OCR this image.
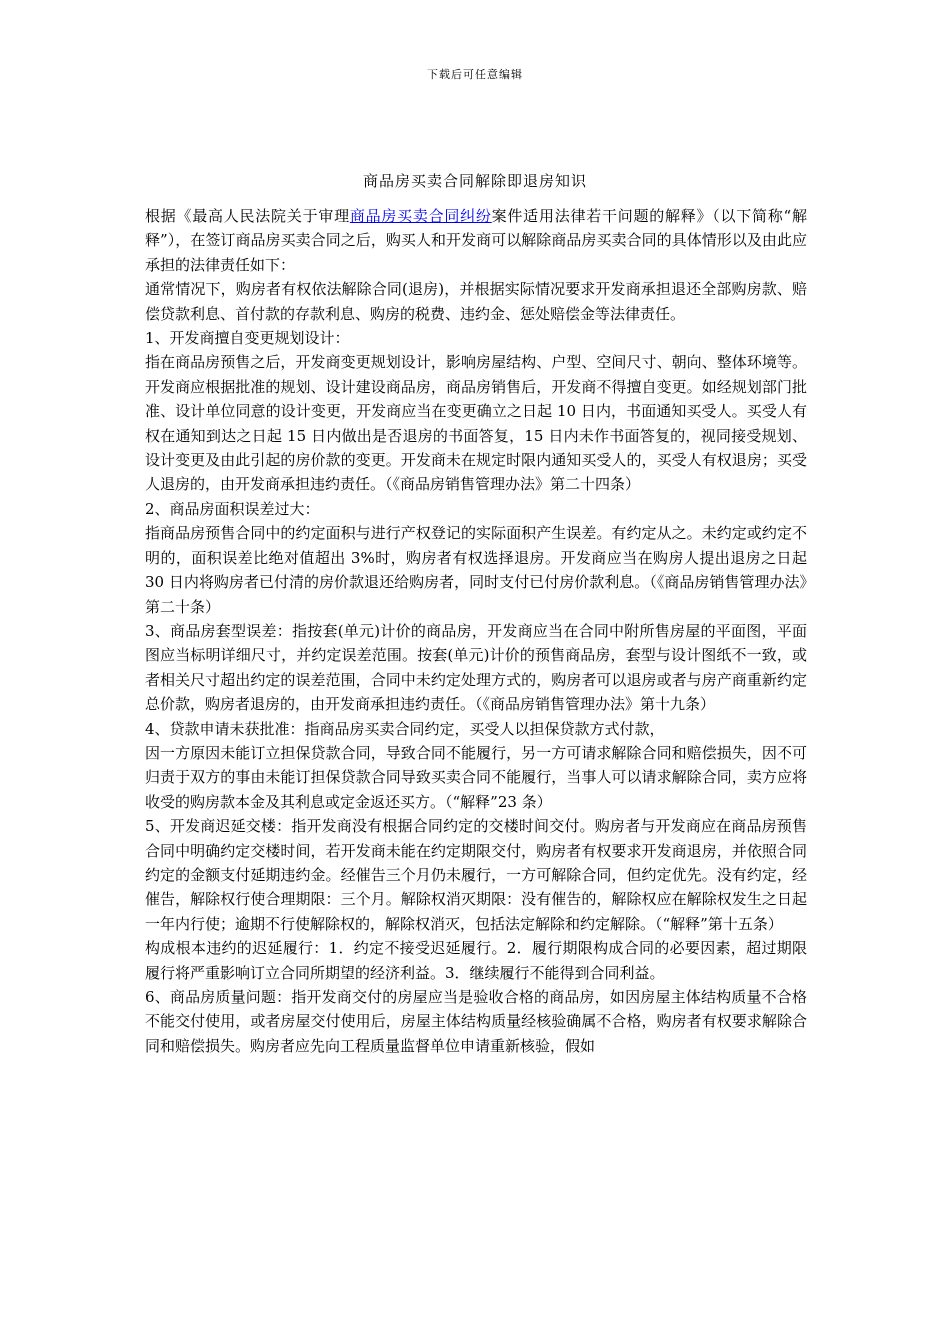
下载后可任意编辑
商品房买卖合同解除即退房知识

根据《最高人民法院关于审理商品房买卖合同纠纷案件适用法律若干问题的解释》（以下简称“解释”），在签订商品房买卖合同之后，购买人和开发商可以解除商品房买卖合同的具体情形以及由此应承担的法律责任如下：

通常情况下，购房者有权依法解除合同(退房)，并根据实际情况要求开发商承担退还全部购房款、赔偿贷款利息、首付款的存款利息、购房的税费、违约金、惩处赔偿金等法律责任。

1、开发商擅自变更规划设计：

指在商品房预售之后，开发商变更规划设计，影响房屋结构、户型、空间尺寸、朝向、整体环境等。开发商应根据批准的规划、设计建设商品房，商品房销售后，开发商不得擅自变更。如经规划部门批准、设计单位同意的设计变更，开发商应当在变更确立之日起 10 日内，书面通知买受人。买受人有权在通知到达之日起 15 日内做出是否退房的书面答复，15 日内未作书面答复的，视同接受规划、设计变更及由此引起的房价款的变更。开发商未在规定时限内通知买受人的，买受人有权退房；买受人退房的，由开发商承担违约责任。（《商品房销售管理办法》第二十四条）

2、商品房面积误差过大：

指商品房预售合同中的约定面积与进行产权登记的实际面积产生误差。有约定从之。未约定或约定不明的，面积误差比绝对值超出 3%时，购房者有权选择退房。开发商应当在购房人提出退房之日起 30 日内将购房者已付清的房价款退还给购房者，同时支付已付房价款利息。（《商品房销售管理办法》第二十条）

3、商品房套型误差：指按套(单元)计价的商品房，开发商应当在合同中附所售房屋的平面图，平面图应当标明详细尺寸，并约定误差范围。按套(单元)计价的预售商品房，套型与设计图纸不一致，或者相关尺寸超出约定的误差范围，合同中未约定处理方式的，购房者可以退房或者与房产商重新约定总价款，购房者退房的，由开发商承担违约责任。（《商品房销售管理办法》第十九条）

4、贷款申请未获批准：指商品房买卖合同约定，买受人以担保贷款方式付款，

因一方原因未能订立担保贷款合同，导致合同不能履行，另一方可请求解除合同和赔偿损失，因不可归责于双方的事由未能订担保贷款合同导致买卖合同不能履行，当事人可以请求解除合同，卖方应将收受的购房款本金及其利息或定金返还买方。（“解释”23 条）

5、开发商迟延交楼：指开发商没有根据合同约定的交楼时间交付。购房者与开发商应在商品房预售合同中明确约定交楼时间，若开发商未能在约定期限交付，购房者有权要求开发商退房，并依照合同约定的金额支付延期违约金。经催告三个月仍未履行，一方可解除合同，但约定优先。没有约定，经催告，解除权行使合理期限：三个月。解除权消灭期限：没有催告的，解除权应在解除权发生之日起一年内行使；逾期不行使解除权的，解除权消灭，包括法定解除和约定解除。（“解释”第十五条）

构成根本违约的迟延履行：1．约定不接受迟延履行。2．履行期限构成合同的必要因素，超过期限履行将严重影响订立合同所期望的经济利益。3．继续履行不能得到合同利益。

6、商品房质量问题：指开发商交付的房屋应当是验收合格的商品房，如因房屋主体结构质量不合格不能交付使用，或者房屋交付使用后，房屋主体结构质量经核验确属不合格，购房者有权要求解除合同和赔偿损失。购房者应先向工程质量监督单位申请重新核验，假如
